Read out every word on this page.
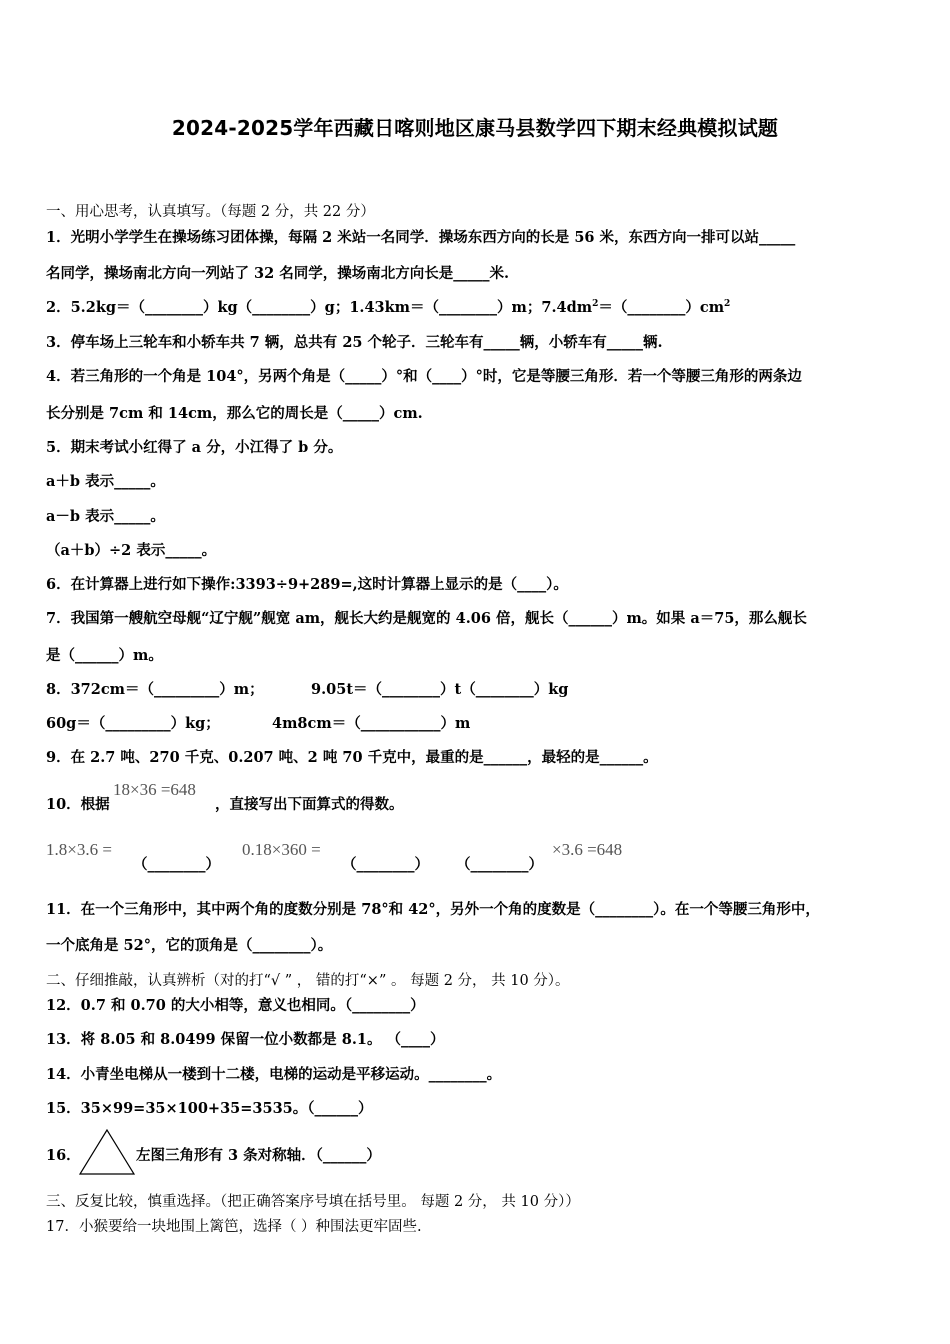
2024-2025学年西藏日喀则地区康马县数学四下期末经典模拟试题
一、用心思考，认真填写。（每题 2 分，共 22 分）
1．光明小学学生在操场练习团体操，每隔 2 米站一名同学．操场东西方向的长是 56 米，东西方向一排可以站_____
名同学，操场南北方向一列站了 32 名同学，操场南北方向长是_____米.
2．5.2kg＝（________）kg（________）g；1.43km＝（________）m；$7.4dm^2=(\_\_\_\_\_\_\_\_)cm^2$
3．停车场上三轮车和小轿车共 7 辆，总共有 25 个轮子．三轮车有_____辆，小轿车有_____辆.
4．若三角形的一个角是 104°，另两个角是（_____）°和（____）°时，它是等腰三角形．若一个等腰三角形的两条边
长分别是 7cm 和 14cm，那么它的周长是（_____）cm.
5．期末考试小红得了 a 分，小江得了 b 分。
a＋b 表示_____。
a－b 表示_____。
（a＋b）÷2 表示_____。
6．在计算器上进行如下操作:3393÷9+289=,这时计算器上显示的是（____）。
7．我国第一艘航空母舰“辽宁舰”舰宽 am，舰长大约是舰宽的 4.06 倍，舰长（______）m。如果 a＝75，那么舰长
是（______）m。
8．372cm＝（_________）m；	9.05t＝（________）t（________）kg
60g＝（_________）kg；	4m8cm＝（___________）m
9．在 2.7 吨、270 千克、0.207 吨、2 吨 70 千克中，最重的是______，最轻的是______。
10．根据
18×36 =648
，直接写出下面算式的得数。
1.8×3.6 =
（________）
0.18×360 =
（________） （________）
×3.6 =648
11．在一个三角形中，其中两个角的度数分别是 78°和 42°，另外一个角的度数是（________）。在一个等腰三角形中，
一个底角是 52°，它的顶角是（________）。
二、仔细推敲，认真辨析（对的打“√ ” ， 错的打“×” 。 每题 2 分， 共 10 分）。
12．0.7 和 0.70 的大小相等，意义也相同。（________）
13．将 8.05 和 8.0499 保留一位小数都是 8.1。 （____）
14．小青坐电梯从一楼到十二楼，电梯的运动是平移运动。________。
15．35×99=35×100+35=3535。（______）
16．	左图三角形有 3 条对称轴．（______）
三、反复比较，慎重选择。（把正确答案序号填在括号里。 每题 2 分， 共 10 分））
17．小猴要给一块地围上篱笆，选择（ ）种围法更牢固些.
